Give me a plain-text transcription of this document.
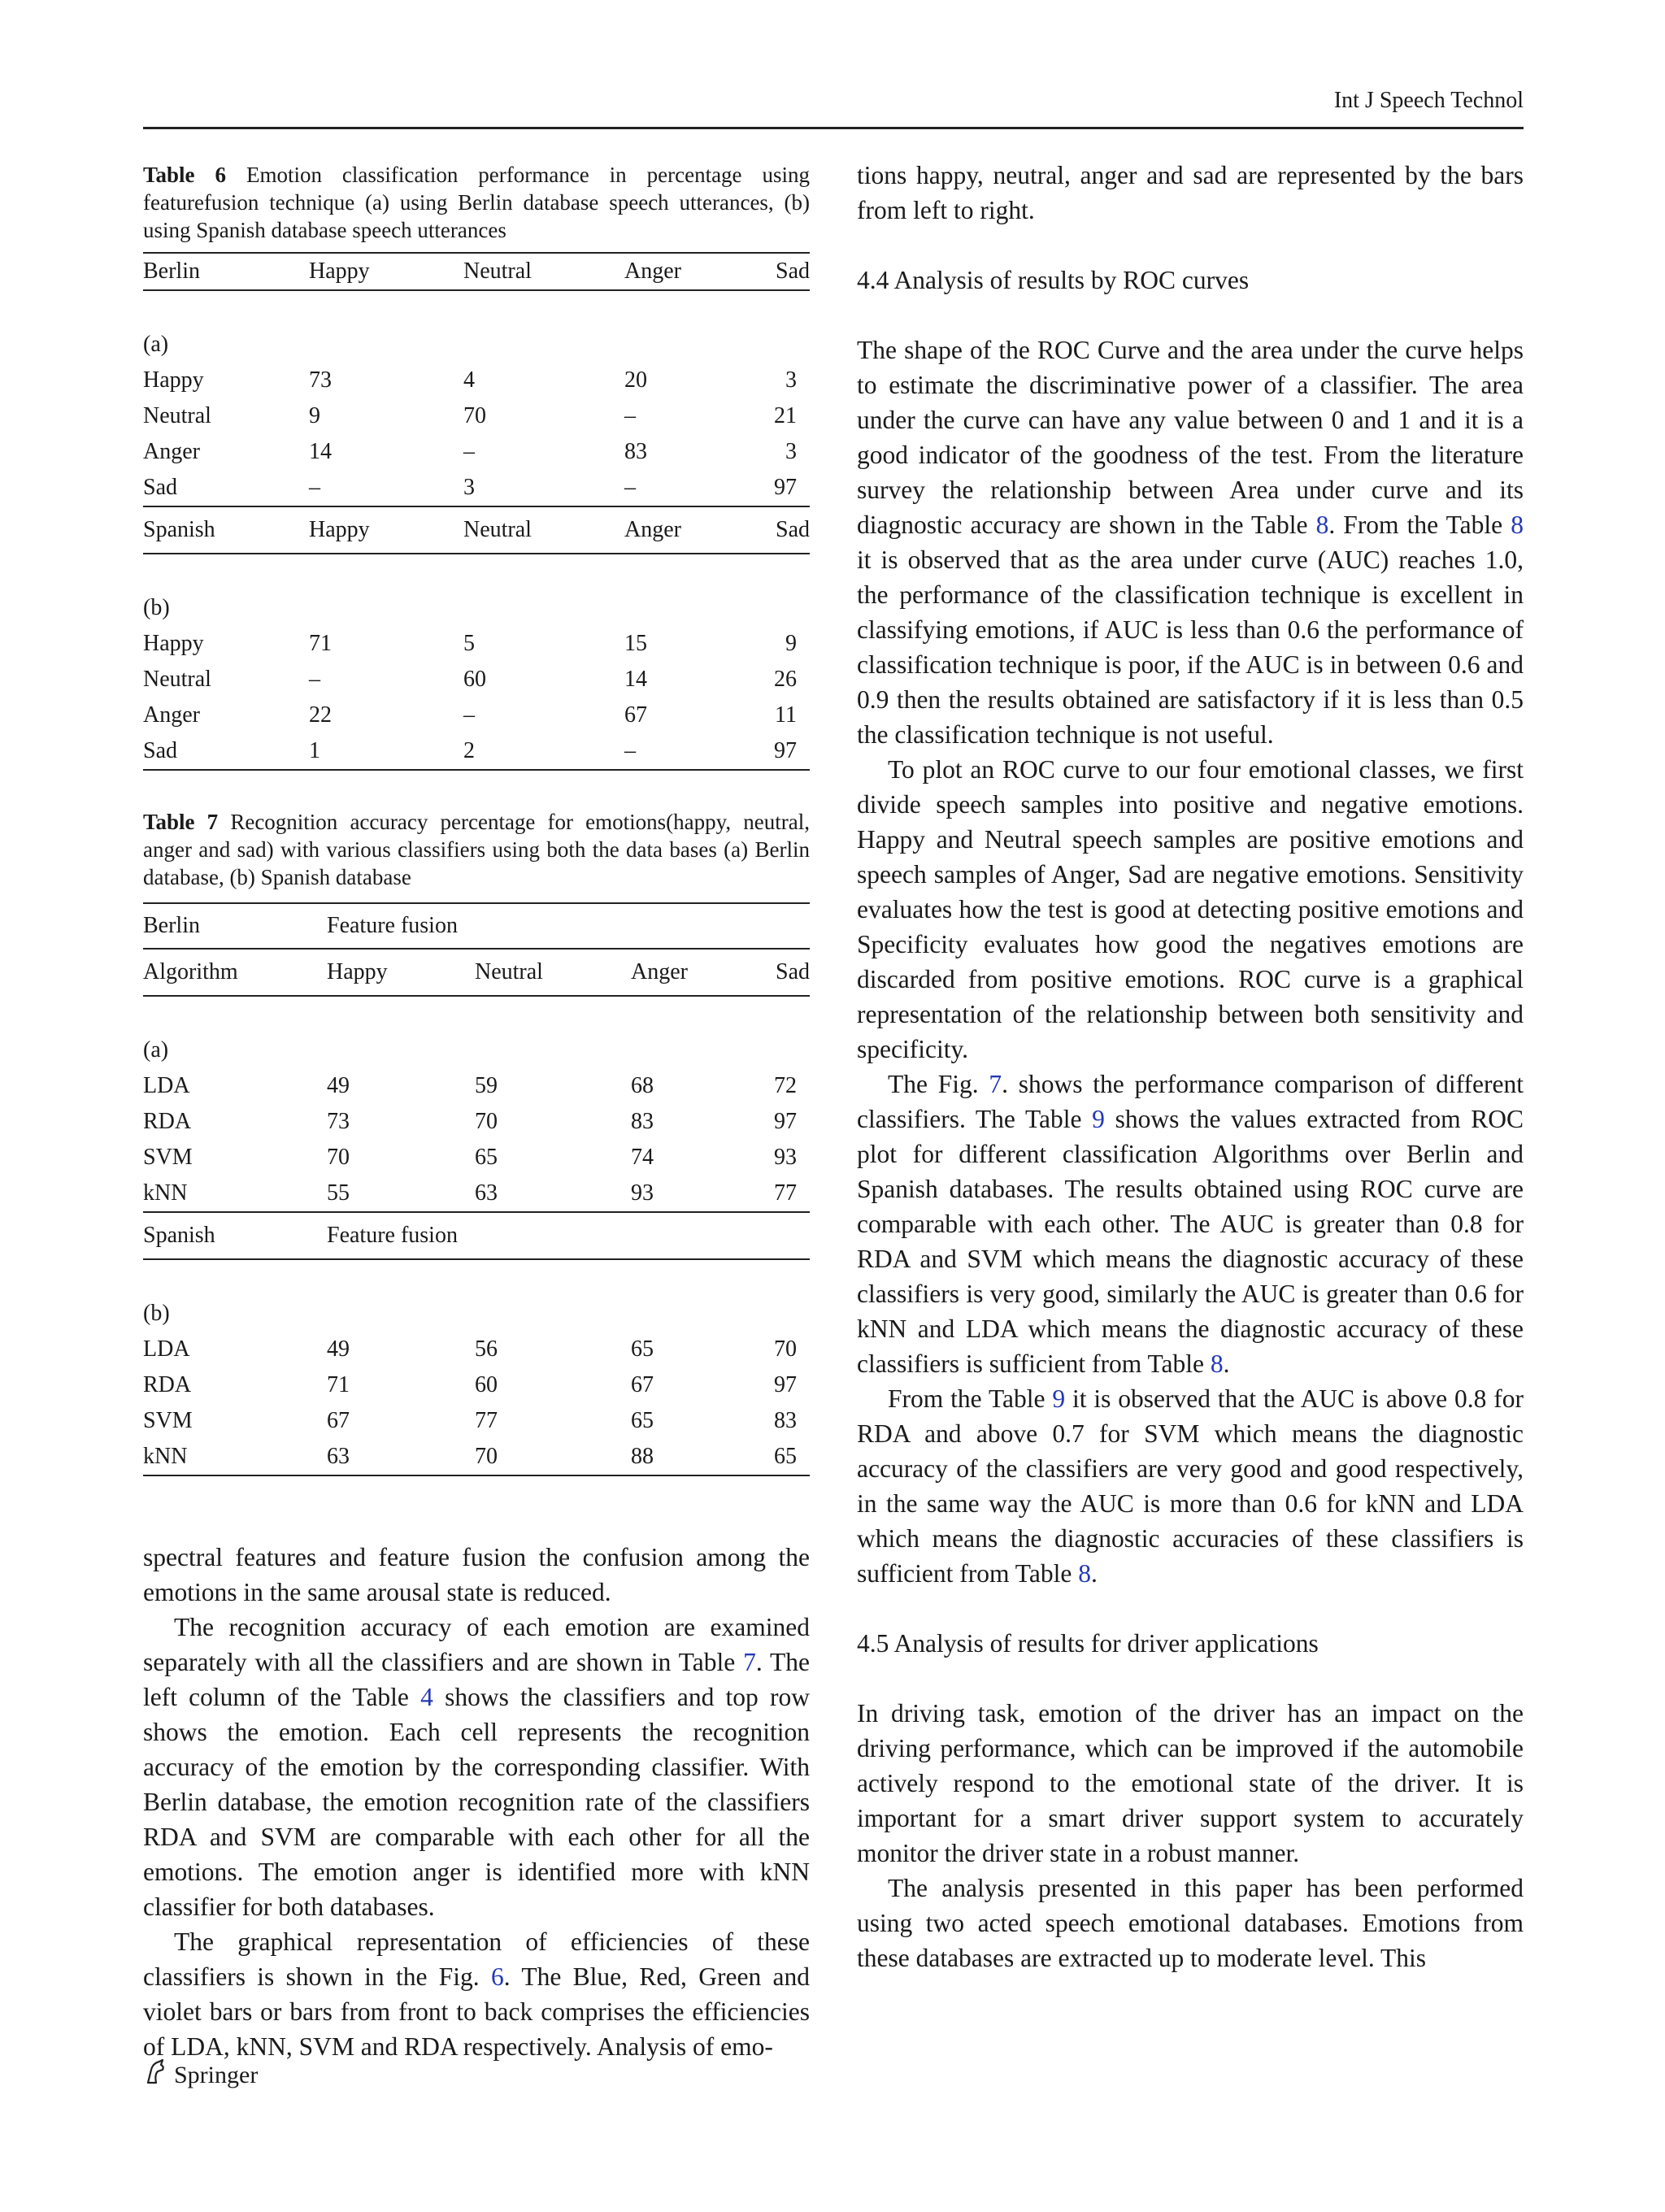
Int J Speech Technol
Table 6 Emotion classification performance in percentage using featurefusion technique (a) using Berlin database speech utterances, (b) using Spanish database speech utterances
Berlin	Happy	Neutral	Anger	Sad

(a)				
Happy	73	4	20	3
Neutral	9	70	–	21
Anger	14	–	83	3
Sad	–	3	–	97
Spanish	Happy	Neutral	Anger	Sad

(b)				
Happy	71	5	15	9
Neutral	–	60	14	26
Anger	22	–	67	11
Sad	1	2	–	97
Table 7 Recognition accuracy percentage for emotions(happy, neutral, anger and sad) with various classifiers using both the data bases (a) Berlin database, (b) Spanish database
Berlin	Feature fusion			
Algorithm	Happy	Neutral	Anger	Sad

(a)				
LDA	49	59	68	72
RDA	73	70	83	97
SVM	70	65	74	93
kNN	55	63	93	77
Spanish	Feature fusion			

(b)				
LDA	49	56	65	70
RDA	71	60	67	97
SVM	67	77	65	83
kNN	63	70	88	65

spectral features and feature fusion the confusion among the emotions in the same arousal state is reduced.

The recognition accuracy of each emotion are examined separately with all the classifiers and are shown in Table 7. The left column of the Table 4 shows the classifiers and top row shows the emotion. Each cell represents the recognition accuracy of the emotion by the corresponding classifier. With Berlin database, the emotion recognition rate of the classifiers RDA and SVM are comparable with each other for all the emotions. The emotion anger is identified more with kNN classifier for both databases.

The graphical representation of efficiencies of these classifiers is shown in the Fig. 6. The Blue, Red, Green and violet bars or bars from front to back comprises the efficiencies of LDA, kNN, SVM and RDA respectively. Analysis of emo-

tions happy, neutral, anger and sad are represented by the bars from left to right.

4.4 Analysis of results by ROC curves

The shape of the ROC Curve and the area under the curve helps to estimate the discriminative power of a classifier. The area under the curve can have any value between 0 and 1 and it is a good indicator of the goodness of the test. From the literature survey the relationship between Area under curve and its diagnostic accuracy are shown in the Table 8. From the Table 8 it is observed that as the area under curve (AUC) reaches 1.0, the performance of the classification technique is excellent in classifying emotions, if AUC is less than 0.6 the performance of classification technique is poor, if the AUC is in between 0.6 and 0.9 then the results obtained are satisfactory if it is less than 0.5 the classification technique is not useful.

To plot an ROC curve to our four emotional classes, we first divide speech samples into positive and negative emotions. Happy and Neutral speech samples are positive emotions and speech samples of Anger, Sad are negative emotions. Sensitivity evaluates how the test is good at detecting positive emotions and Specificity evaluates how good the negatives emotions are discarded from positive emotions. ROC curve is a graphical representation of the relationship between both sensitivity and specificity.

The Fig. 7. shows the performance comparison of different classifiers. The Table 9 shows the values extracted from ROC plot for different classification Algorithms over Berlin and Spanish databases. The results obtained using ROC curve are comparable with each other. The AUC is greater than 0.8 for RDA and SVM which means the diagnostic accuracy of these classifiers is very good, similarly the AUC is greater than 0.6 for kNN and LDA which means the diagnostic accuracy of these classifiers is sufficient from Table 8.

From the Table 9 it is observed that the AUC is above 0.8 for RDA and above 0.7 for SVM which means the diagnostic accuracy of the classifiers are very good and good respectively, in the same way the AUC is more than 0.6 for kNN and LDA which means the diagnostic accuracies of these classifiers is sufficient from Table 8.

4.5 Analysis of results for driver applications

In driving task, emotion of the driver has an impact on the driving performance, which can be improved if the automobile actively respond to the emotional state of the driver. It is important for a smart driver support system to accurately monitor the driver state in a robust manner.

The analysis presented in this paper has been performed using two acted speech emotional databases. Emotions from these databases are extracted up to moderate level. This

Springer
